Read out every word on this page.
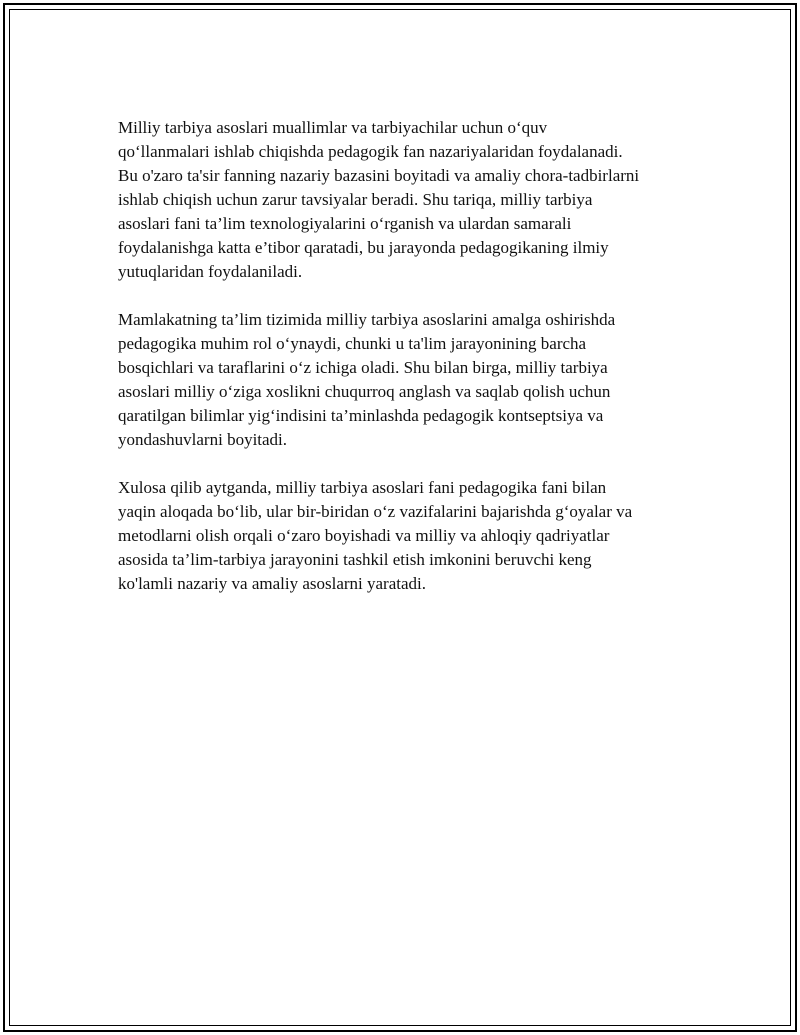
Milliy tarbiya asoslari muallimlar va tarbiyachilar uchun o‘quv
qo‘llanmalari ishlab chiqishda pedagogik fan nazariyalaridan foydalanadi.
Bu o'zaro ta'sir fanning nazariy bazasini boyitadi va amaliy chora-tadbirlarni
ishlab chiqish uchun zarur tavsiyalar beradi. Shu tariqa, milliy tarbiya
asoslari fani ta’lim texnologiyalarini o‘rganish va ulardan samarali
foydalanishga katta e’tibor qaratadi, bu jarayonda pedagogikaning ilmiy
yutuqlaridan foydalaniladi.

Mamlakatning ta’lim tizimida milliy tarbiya asoslarini amalga oshirishda
pedagogika muhim rol o‘ynaydi, chunki u ta'lim jarayonining barcha
bosqichlari va taraflarini o‘z ichiga oladi. Shu bilan birga, milliy tarbiya
asoslari milliy o‘ziga xoslikni chuqurroq anglash va saqlab qolish uchun
qaratilgan bilimlar yig‘indisini ta’minlashda pedagogik kontseptsiya va
yondashuvlarni boyitadi.

Xulosa qilib aytganda, milliy tarbiya asoslari fani pedagogika fani bilan
yaqin aloqada bo‘lib, ular bir-biridan o‘z vazifalarini bajarishda g‘oyalar va
metodlarni olish orqali o‘zaro boyishadi va milliy va ahloqiy qadriyatlar
asosida ta’lim-tarbiya jarayonini tashkil etish imkonini beruvchi keng
ko'lamli nazariy va amaliy asoslarni yaratadi.
